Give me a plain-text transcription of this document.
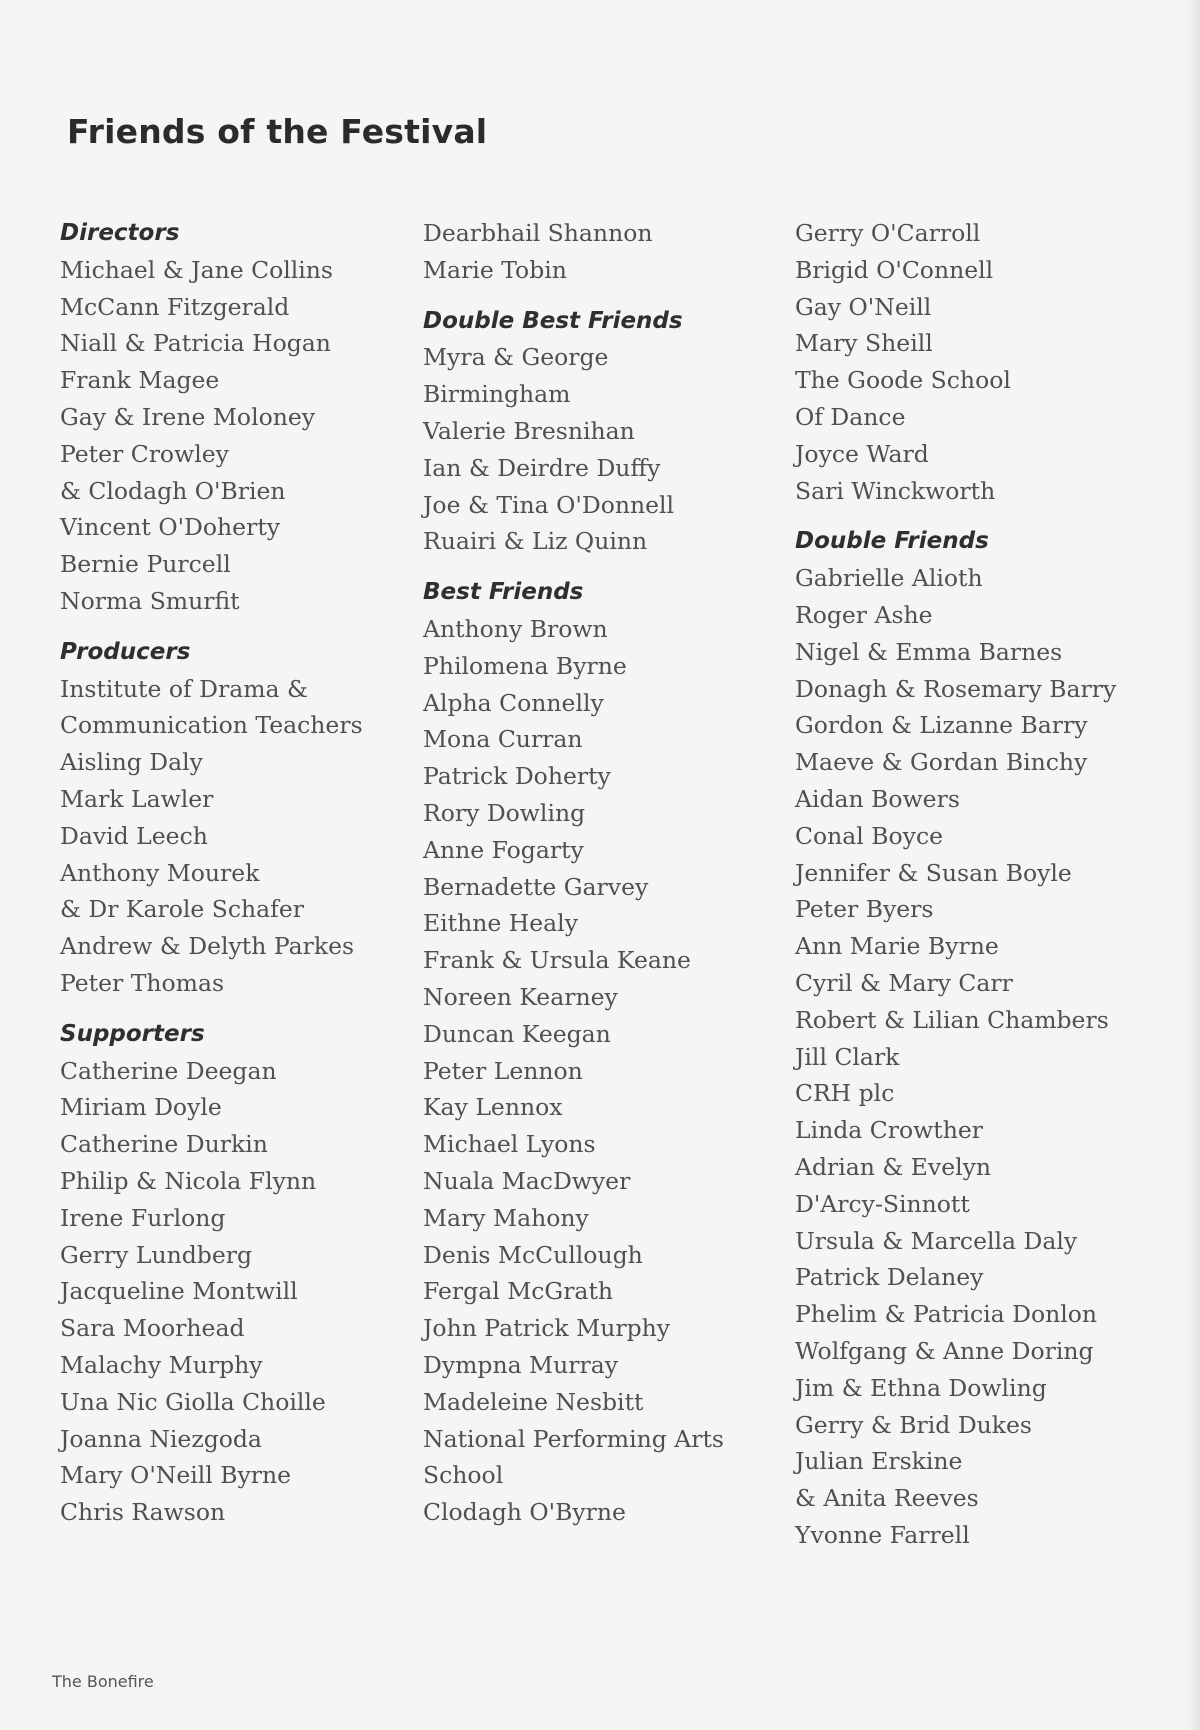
Friends of the Festival
Directors
Michael & Jane Collins
McCann Fitzgerald
Niall & Patricia Hogan
Frank Magee
Gay & Irene Moloney
Peter Crowley
& Clodagh O'Brien
Vincent O'Doherty
Bernie Purcell
Norma Smurfit
Producers
Institute of Drama &
Communication Teachers
Aisling Daly
Mark Lawler
David Leech
Anthony Mourek
& Dr Karole Schafer
Andrew & Delyth Parkes
Peter Thomas
Supporters
Catherine Deegan
Miriam Doyle
Catherine Durkin
Philip & Nicola Flynn
Irene Furlong
Gerry Lundberg
Jacqueline Montwill
Sara Moorhead
Malachy Murphy
Una Nic Giolla Choille
Joanna Niezgoda
Mary O'Neill Byrne
Chris Rawson
Dearbhail Shannon
Marie Tobin
Double Best Friends
Myra & George
Birmingham
Valerie Bresnihan
Ian & Deirdre Duffy
Joe & Tina O'Donnell
Ruairi & Liz Quinn
Best Friends
Anthony Brown
Philomena Byrne
Alpha Connelly
Mona Curran
Patrick Doherty
Rory Dowling
Anne Fogarty
Bernadette Garvey
Eithne Healy
Frank & Ursula Keane
Noreen Kearney
Duncan Keegan
Peter Lennon
Kay Lennox
Michael Lyons
Nuala MacDwyer
Mary Mahony
Denis McCullough
Fergal McGrath
John Patrick Murphy
Dympna Murray
Madeleine Nesbitt
National Performing Arts
School
Clodagh O'Byrne
Gerry O'Carroll
Brigid O'Connell
Gay O'Neill
Mary Sheill
The Goode School
Of Dance
Joyce Ward
Sari Winckworth
Double Friends
Gabrielle Alioth
Roger Ashe
Nigel & Emma Barnes
Donagh & Rosemary Barry
Gordon & Lizanne Barry
Maeve & Gordan Binchy
Aidan Bowers
Conal Boyce
Jennifer & Susan Boyle
Peter Byers
Ann Marie Byrne
Cyril & Mary Carr
Robert & Lilian Chambers
Jill Clark
CRH plc
Linda Crowther
Adrian & Evelyn
D'Arcy-Sinnott
Ursula & Marcella Daly
Patrick Delaney
Phelim & Patricia Donlon
Wolfgang & Anne Doring
Jim & Ethna Dowling
Gerry & Brid Dukes
Julian Erskine
& Anita Reeves
Yvonne Farrell
The Bonefire
